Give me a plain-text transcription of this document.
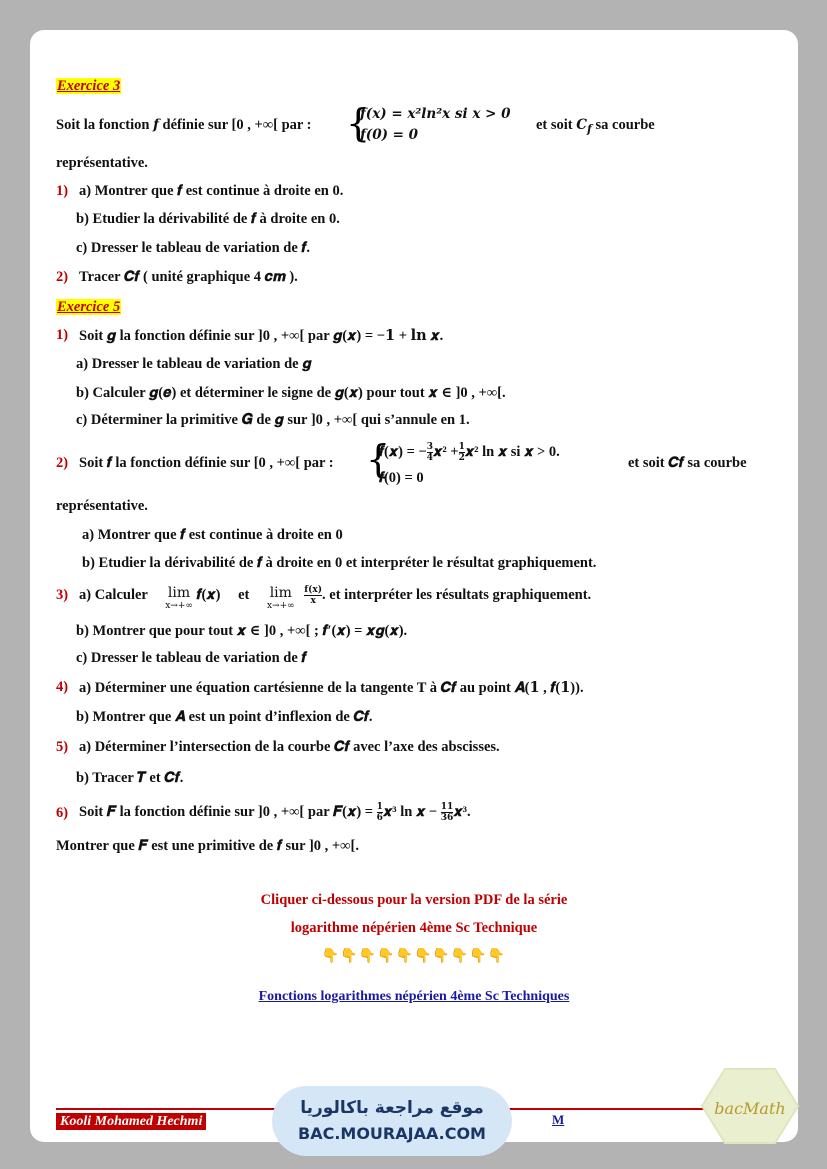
Exercice 3
Soit la fonction f définie sur [0 , +∞[ par : {
f(x) = x²ln²x si x > 0
f(0) = 0
et soit $C_f$ sa courbe
représentative.
1) a) Montrer que 𝒇 est continue à droite en 0.
b) Etudier la dérivabilité de 𝒇 à droite en 0.
c) Dresser le tableau de variation de 𝒇.
2) Tracer 𝑪𝒇 ( unité graphique 4 𝒄𝒎 ).
Exercice 5
1) Soit 𝒈 la fonction définie sur ]0 , +∞[ par 𝒈(𝒙) = −𝟏 + 𝐥𝐧 𝒙.
a) Dresser le tableau de variation de 𝒈
b) Calculer 𝒈(𝒆) et déterminer le signe de 𝒈(𝒙) pour tout 𝒙 ∈ ]0 , +∞[.
c) Déterminer la primitive 𝑮 de 𝒈 sur ]0 , +∞[ qui s’annule en 1.
2) Soit 𝒇 la fonction définie sur [0 , +∞[ par : {
𝒇(𝒙) = − $\frac{3}{4}$ 𝒙² + $\frac{1}{2}$ 𝒙² ln 𝒙 si 𝒙 > 0.
𝒇(0) = 0
et soit 𝑪𝒇 sa courbe
représentative.
a) Montrer que 𝒇 est continue à droite en 0
b) Etudier la dérivabilité de 𝒇 à droite en 0 et interpréter le résultat graphiquement.
3) a) Calculer lim
x→+∞
𝒇(𝒙) et lim
x→+∞
$\frac{f(x)}{x}$ . et interpréter les résultats graphiquement.
b) Montrer que pour tout 𝒙 ∈ ]0 , +∞[ ; 𝒇′(𝒙) = 𝒙𝒈(𝒙).
c) Dresser le tableau de variation de 𝒇
4) a) Déterminer une équation cartésienne de la tangente T à 𝑪𝒇 au point 𝑨(𝟏 , 𝒇(𝟏)).
b) Montrer que 𝑨 est un point d’inflexion de 𝑪𝒇.
5) a) Déterminer l’intersection de la courbe 𝑪𝒇 avec l’axe des abscisses.
b) Tracer 𝑻 et 𝑪𝒇.
6) Soit 𝑭 la fonction définie sur ]0 , +∞[ par 𝑭(𝒙) = $\frac{1}{6}$ 𝒙³ ln 𝒙 − $\frac{11}{36}$ 𝒙³.
Montrer que 𝑭 est une primitive de 𝒇 sur ]0 , +∞[.
Cliquer ci-dessous pour la version PDF de la série
logarithme népérien 4ème Sc Technique
👇👇👇👇👇👇👇👇👇👇
Fonctions logarithmes népérien 4ème Sc Techniques
Kooli Mohamed Hechmi	M
موقع مراجعة باكالوريا
BAC.MOURAJAA.COM
bacMath
